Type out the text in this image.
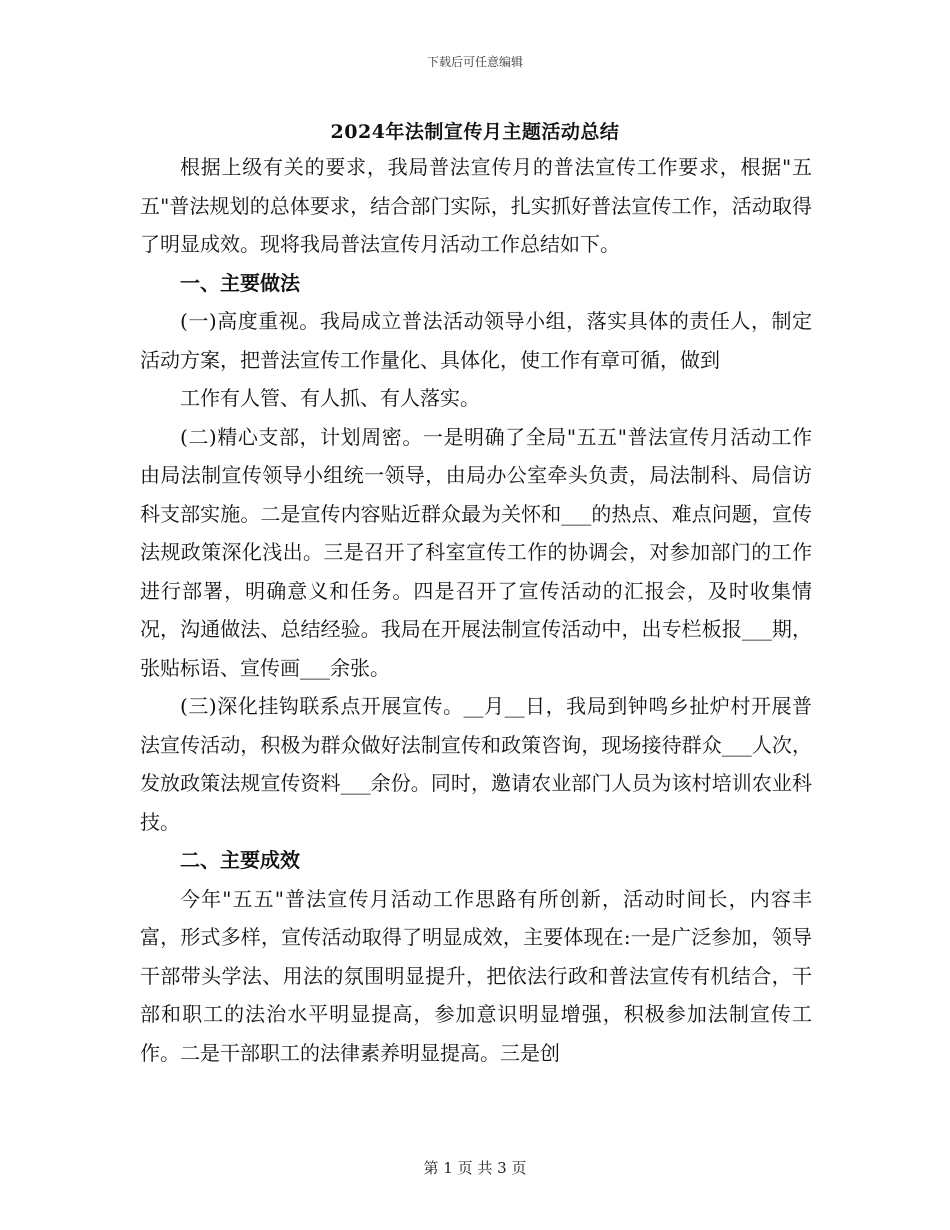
下载后可任意编辑
2024年法制宣传月主题活动总结

根据上级有关的要求，我局普法宣传月的普法宣传工作要求，根据"五五"普法规划的总体要求，结合部门实际，扎实抓好普法宣传工作，活动取得了明显成效。现将我局普法宣传月活动工作总结如下。

一、主要做法

(一)高度重视。我局成立普法活动领导小组，落实具体的责任人，制定活动方案，把普法宣传工作量化、具体化，使工作有章可循，做到

工作有人管、有人抓、有人落实。

(二)精心支部，计划周密。一是明确了全局"五五"普法宣传月活动工作由局法制宣传领导小组统一领导，由局办公室牵头负责，局法制科、局信访科支部实施。二是宣传内容贴近群众最为关怀和___的热点、难点问题，宣传法规政策深化浅出。三是召开了科室宣传工作的协调会，对参加部门的工作进行部署，明确意义和任务。四是召开了宣传活动的汇报会，及时收集情况，沟通做法、总结经验。我局在开展法制宣传活动中，出专栏板报___期，张贴标语、宣传画___余张。

(三)深化挂钩联系点开展宣传。__月__日，我局到钟鸣乡扯炉村开展普法宣传活动，积极为群众做好法制宣传和政策咨询，现场接待群众___人次，发放政策法规宣传资料___余份。同时，邀请农业部门人员为该村培训农业科技。

二、主要成效

今年"五五"普法宣传月活动工作思路有所创新，活动时间长，内容丰富，形式多样，宣传活动取得了明显成效，主要体现在:一是广泛参加，领导干部带头学法、用法的氛围明显提升，把依法行政和普法宣传有机结合，干部和职工的法治水平明显提高，参加意识明显增强，积极参加法制宣传工作。二是干部职工的法律素养明显提高。三是创

第 1 页 共 3 页
